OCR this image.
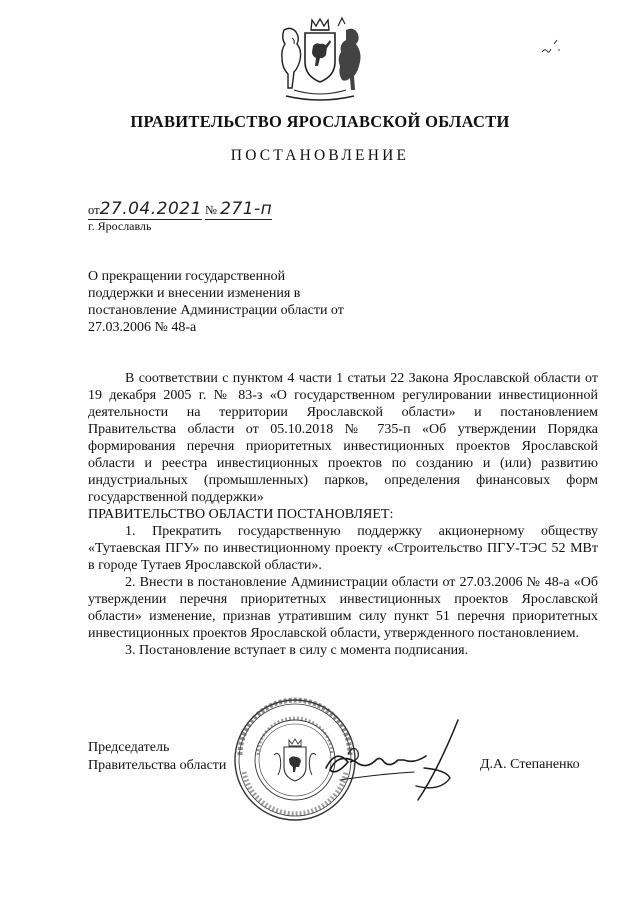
ПРАВИТЕЛЬСТВО ЯРОСЛАВСКОЙ ОБЛАСТИ
ПОСТАНОВЛЕНИЕ
от27.04.2021 № 271-п
г. Ярославль
О прекращении государственной поддержки и внесении изменения в постановление Администрации области от 27.03.2006 № 48-а

В соответствии с пунктом 4 части 1 статьи 22 Закона Ярославской области от 19 декабря 2005 г. № 83-з «О государственном регулировании инвестиционной деятельности на территории Ярославской области» и постановлением Правительства области от 05.10.2018 № 735-п «Об утверждении Порядка формирования перечня приоритетных инвестиционных проектов Ярославской области и реестра инвестиционных проектов по созданию и (или) развитию индустриальных (промышленных) парков, определения финансовых форм государственной поддержки»

ПРАВИТЕЛЬСТВО ОБЛАСТИ ПОСТАНОВЛЯЕТ:

1. Прекратить государственную поддержку акционерному обществу «Тутаевская ПГУ» по инвестиционному проекту «Строительство ПГУ-ТЭС 52 МВт в городе Тутаев Ярославской области».

2. Внести в постановление Администрации области от 27.03.2006 № 48-а «Об утверждении перечня приоритетных инвестиционных проектов Ярославской области» изменение, признав утратившим силу пункт 51 перечня приоритетных инвестиционных проектов Ярославской области, утвержденного постановлением.

3. Постановление вступает в силу с момента подписания.

Председатель
Правительства области	Д.А. Степаненко
